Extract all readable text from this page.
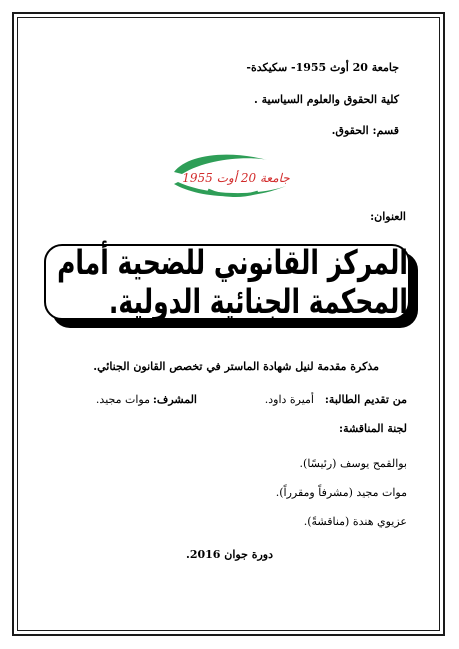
جامعة 20 أوث 1955- سكيكدة-
كلية الحقوق والعلوم السياسية .
قسم: الحقوق.
جامعة 20 أوت 1955
العنوان:
المركز القانوني للضحية أمام المحكمة الجنائية الدولية.
مذكرة مقدمة لنيل شهادة الماستر في تخصص القانون الجنائي.
من تقديم الطالبة:
أميرة داود.
المشرف:
موات مجيد.
لجنة المناقشة:
بوالقمح يوسف (رئيسًا).
موات مجيد (مشرفاً ومقرراً).
عزيوي هندة (مناقشةً).
دورة جوان 2016.
